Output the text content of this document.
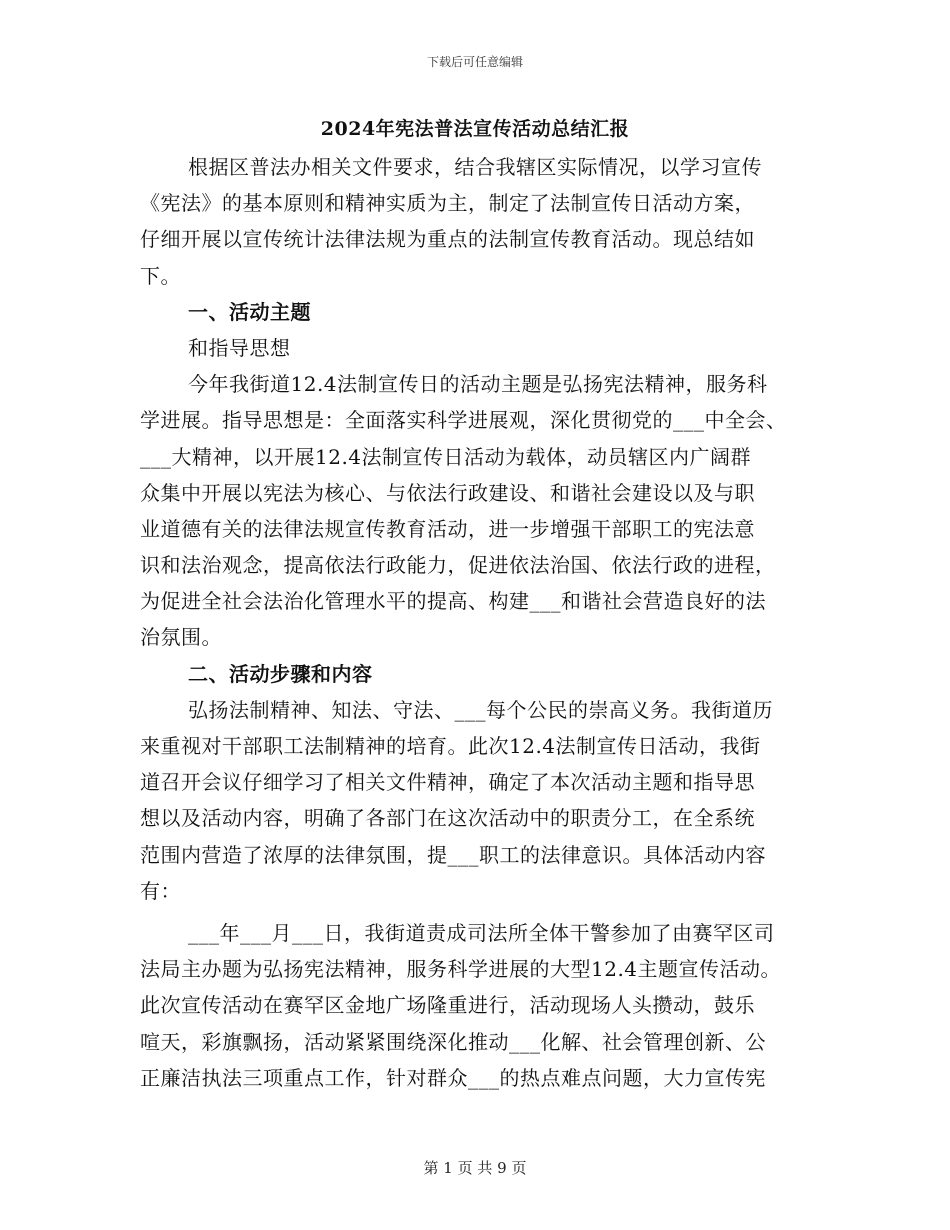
下载后可任意编辑
2024年宪法普法宣传活动总结汇报
根据区普法办相关文件要求，结合我辖区实际情况，以学习宣传
《宪法》的基本原则和精神实质为主，制定了法制宣传日活动方案，
仔细开展以宣传统计法律法规为重点的法制宣传教育活动。现总结如
下。
一、活动主题
和指导思想
今年我街道12.4法制宣传日的活动主题是弘扬宪法精神，服务科
学进展。指导思想是：全面落实科学进展观，深化贯彻党的___中全会、
___大精神，以开展12.4法制宣传日活动为载体，动员辖区内广阔群
众集中开展以宪法为核心、与依法行政建设、和谐社会建设以及与职
业道德有关的法律法规宣传教育活动，进一步增强干部职工的宪法意
识和法治观念，提高依法行政能力，促进依法治国、依法行政的进程，
为促进全社会法治化管理水平的提高、构建___和谐社会营造良好的法
治氛围。
二、活动步骤和内容
弘扬法制精神、知法、守法、___每个公民的崇高义务。我街道历
来重视对干部职工法制精神的培育。此次12.4法制宣传日活动，我街
道召开会议仔细学习了相关文件精神，确定了本次活动主题和指导思
想以及活动内容，明确了各部门在这次活动中的职责分工，在全系统
范围内营造了浓厚的法律氛围，提___职工的法律意识。具体活动内容
有：
___年___月___日，我街道责成司法所全体干警参加了由赛罕区司
法局主办题为弘扬宪法精神，服务科学进展的大型12.4主题宣传活动。
此次宣传活动在赛罕区金地广场隆重进行，活动现场人头攒动，鼓乐
喧天，彩旗飘扬，活动紧紧围绕深化推动___化解、社会管理创新、公
正廉洁执法三项重点工作，针对群众___的热点难点问题，大力宣传宪
第 1 页 共 9 页
